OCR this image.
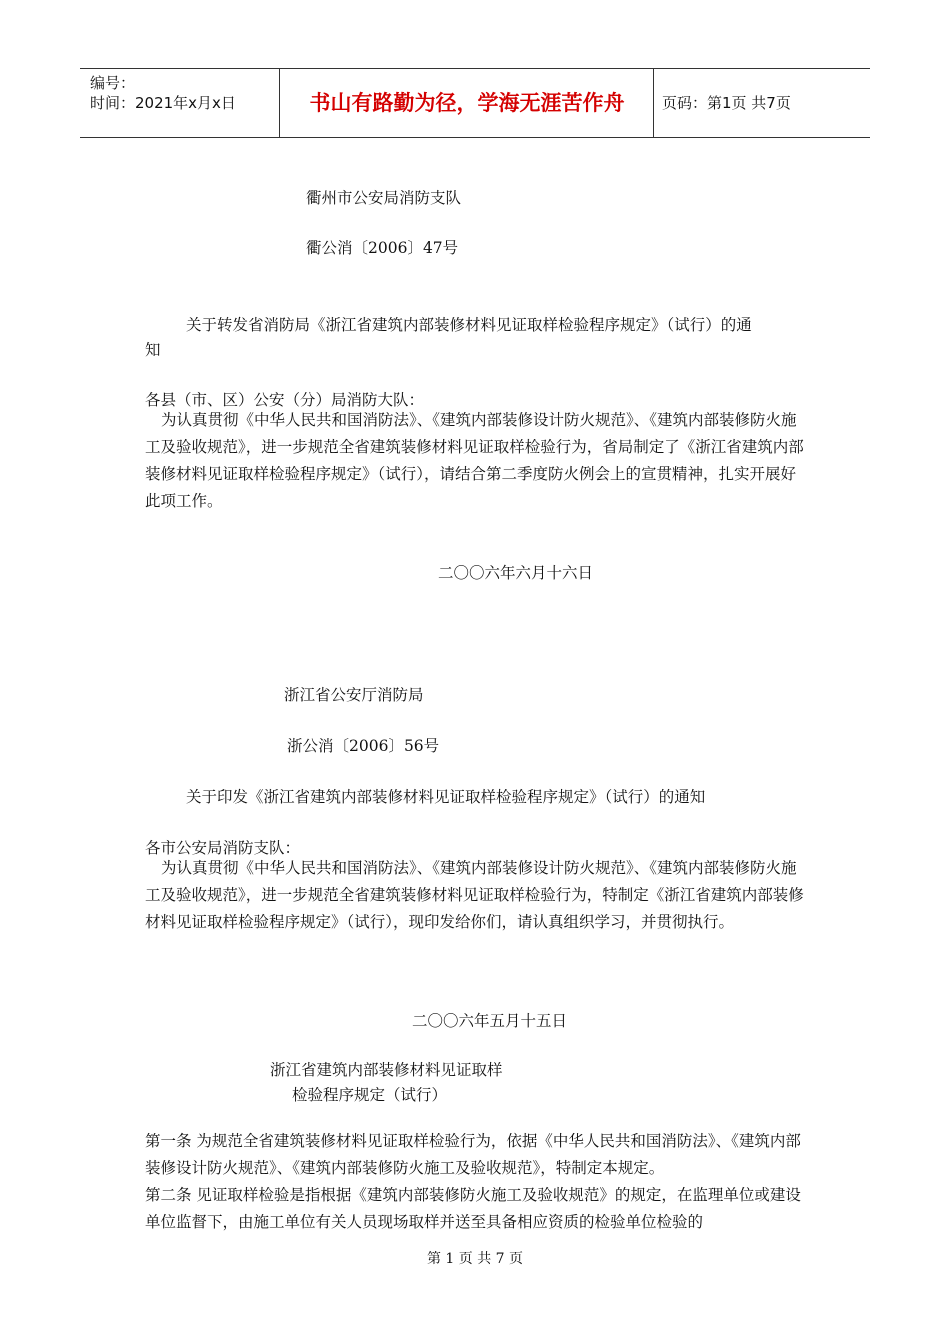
编号：
时间：2021年x月x日	书山有路勤为径，学海无涯苦作舟	页码：第1页 共7页
衢州市公安局消防支队
衢公消〔2006〕47号
关于转发省消防局《浙江省建筑内部装修材料见证取样检验程序规定》（试行）的通
知
各县（市、区）公安（分）局消防大队：
为认真贯彻《中华人民共和国消防法》、《建筑内部装修设计防火规范》、《建筑内部装修防火施工及验收规范》，进一步规范全省建筑装修材料见证取样检验行为，省局制定了《浙江省建筑内部装修材料见证取样检验程序规定》（试行），请结合第二季度防火例会上的宣贯精神，扎实开展好此项工作。
二〇〇六年六月十六日
浙江省公安厅消防局
浙公消〔2006〕56号
关于印发《浙江省建筑内部装修材料见证取样检验程序规定》（试行）的通知
各市公安局消防支队：
为认真贯彻《中华人民共和国消防法》、《建筑内部装修设计防火规范》、《建筑内部装修防火施工及验收规范》，进一步规范全省建筑装修材料见证取样检验行为，特制定《浙江省建筑内部装修材料见证取样检验程序规定》（试行），现印发给你们，请认真组织学习，并贯彻执行。
二〇〇六年五月十五日
浙江省建筑内部装修材料见证取样
检验程序规定（试行）
第一条 为规范全省建筑装修材料见证取样检验行为，依据《中华人民共和国消防法》、《建筑内部装修设计防火规范》、《建筑内部装修防火施工及验收规范》，特制定本规定。
第二条 见证取样检验是指根据《建筑内部装修防火施工及验收规范》的规定，在监理单位或建设单位监督下，由施工单位有关人员现场取样并送至具备相应资质的检验单位检验的
第 1 页 共 7 页
